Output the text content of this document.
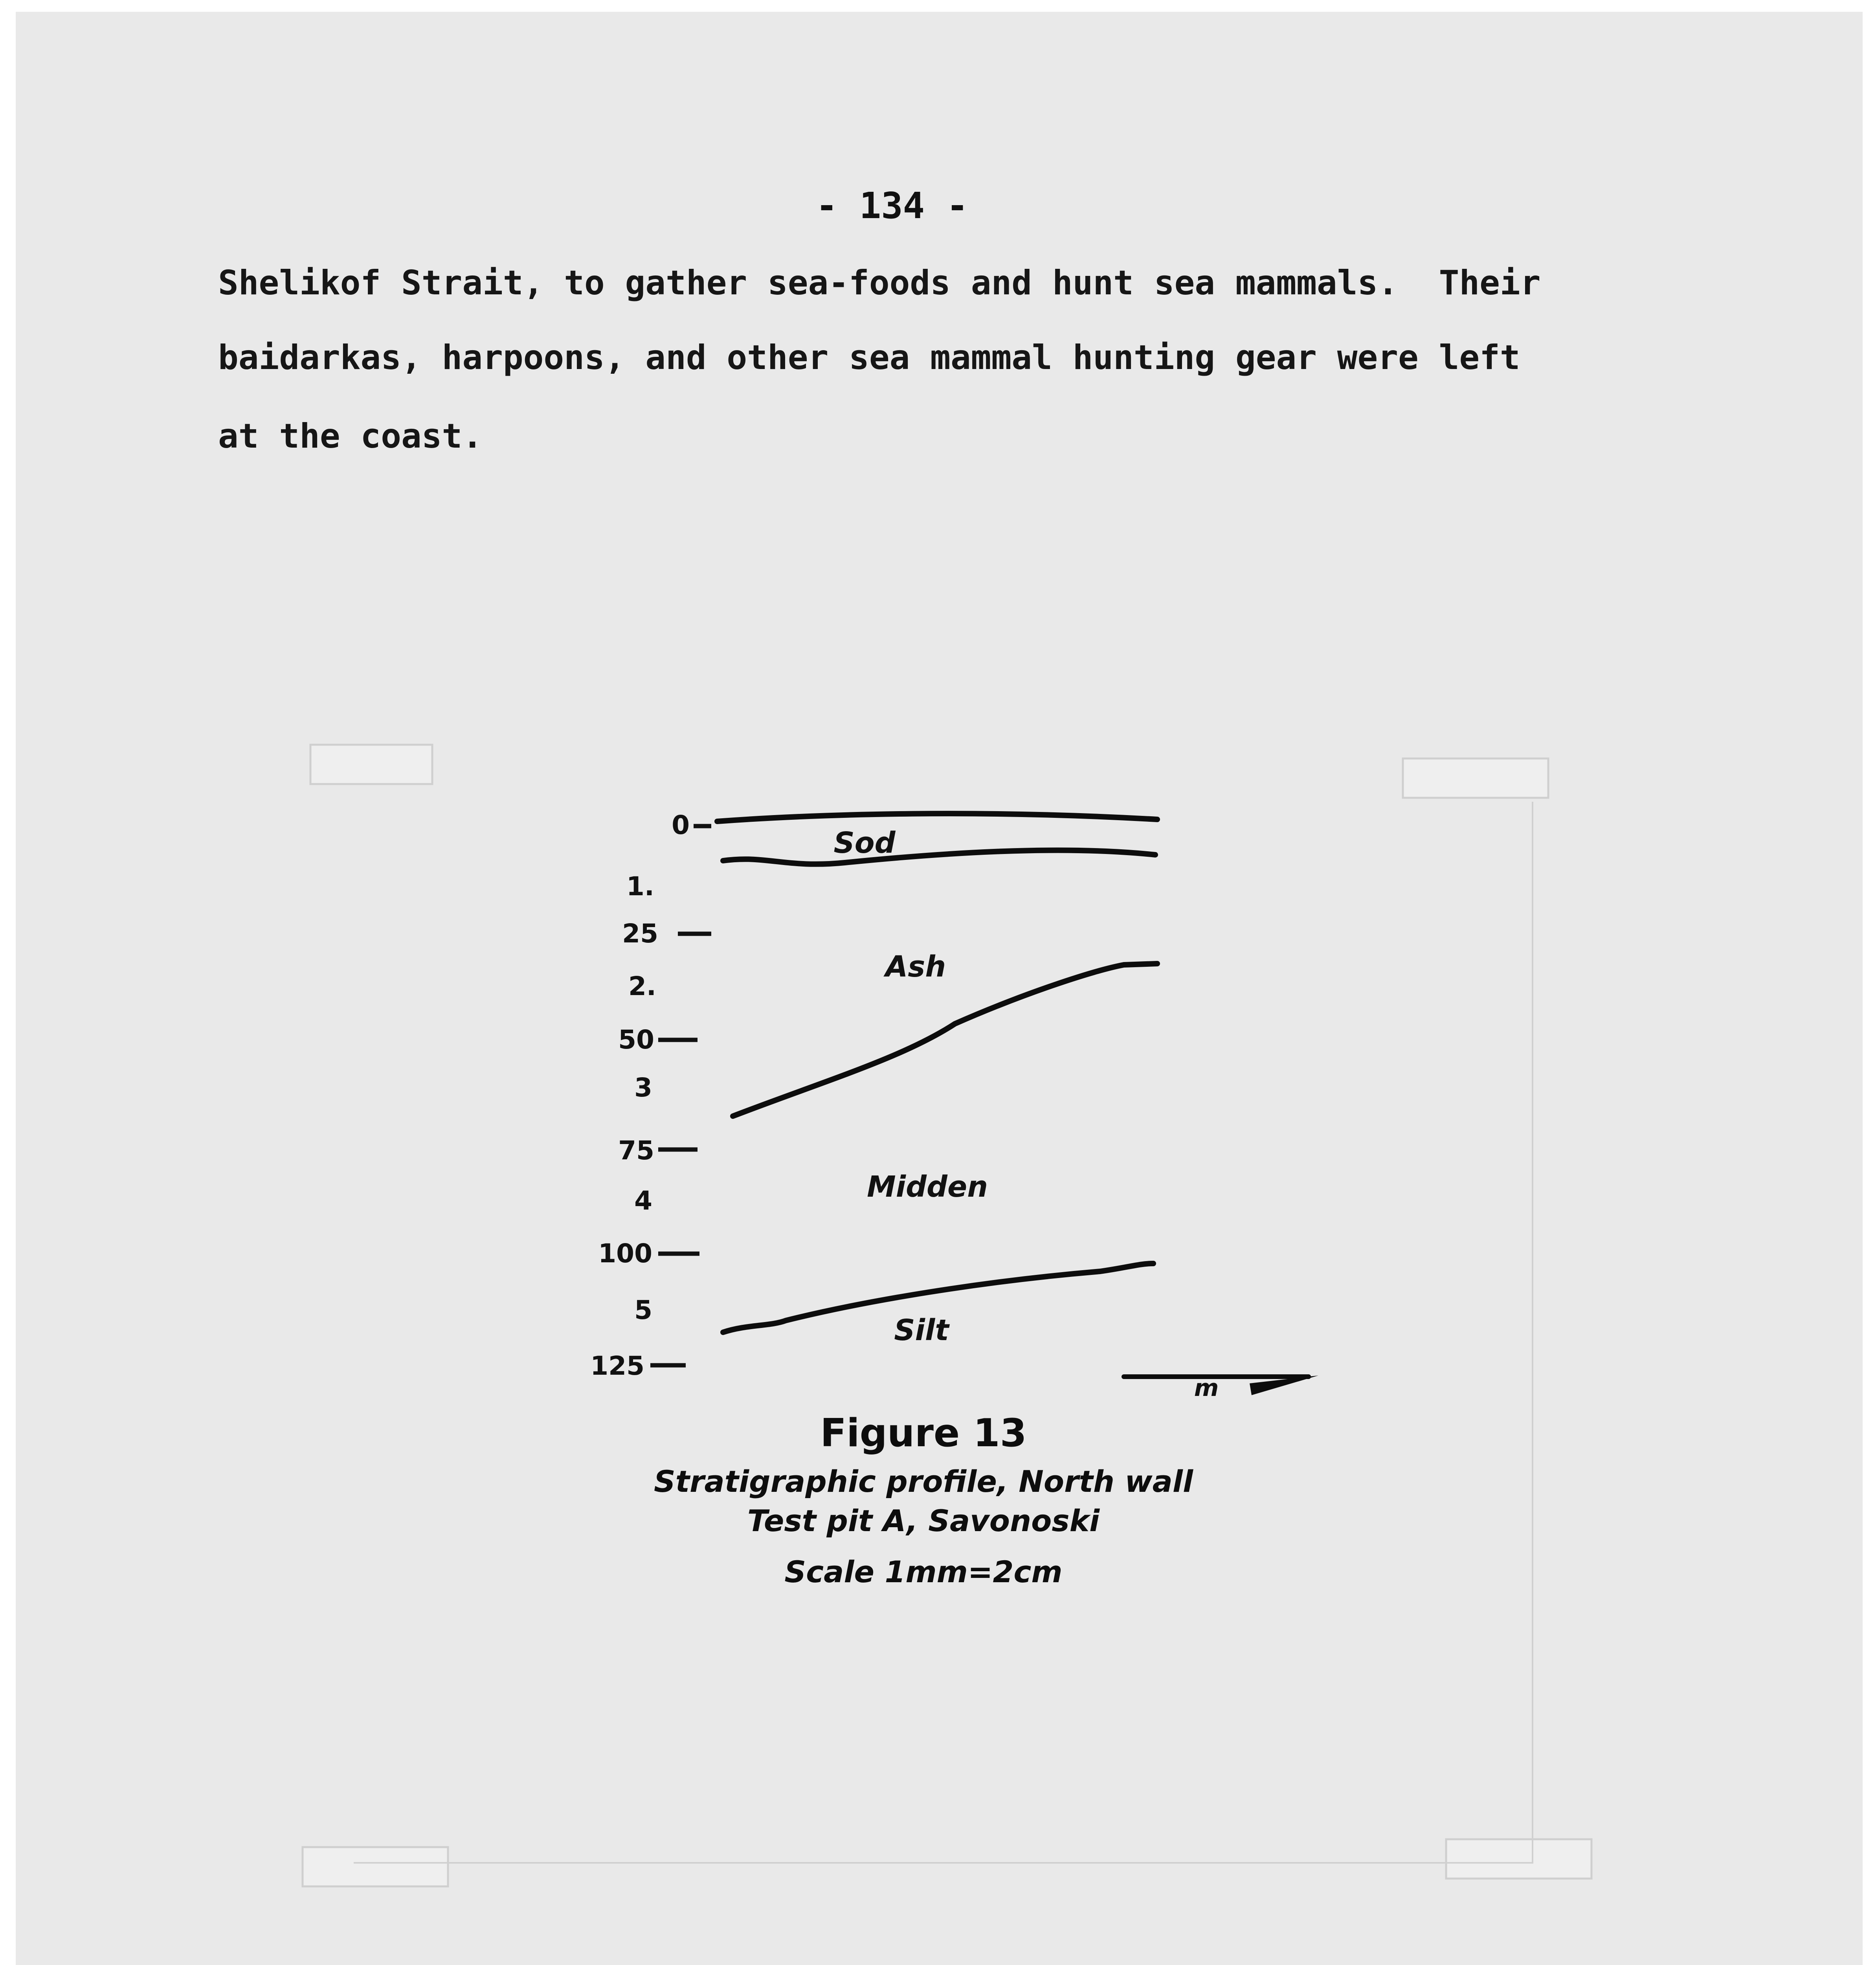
- 134 -
Shelikof Strait, to gather sea-foods and hunt sea mammals.  Their
baidarkas, harpoons, and other sea mammal hunting gear were left
at the coast.
0
1.
25
2.
50
3
75
4
100
5
125
Sod
Ash
Midden
Silt
m
Figure 13
Stratigraphic profile, North wall
Test pit A, Savonoski
Scale 1mm=2cm
